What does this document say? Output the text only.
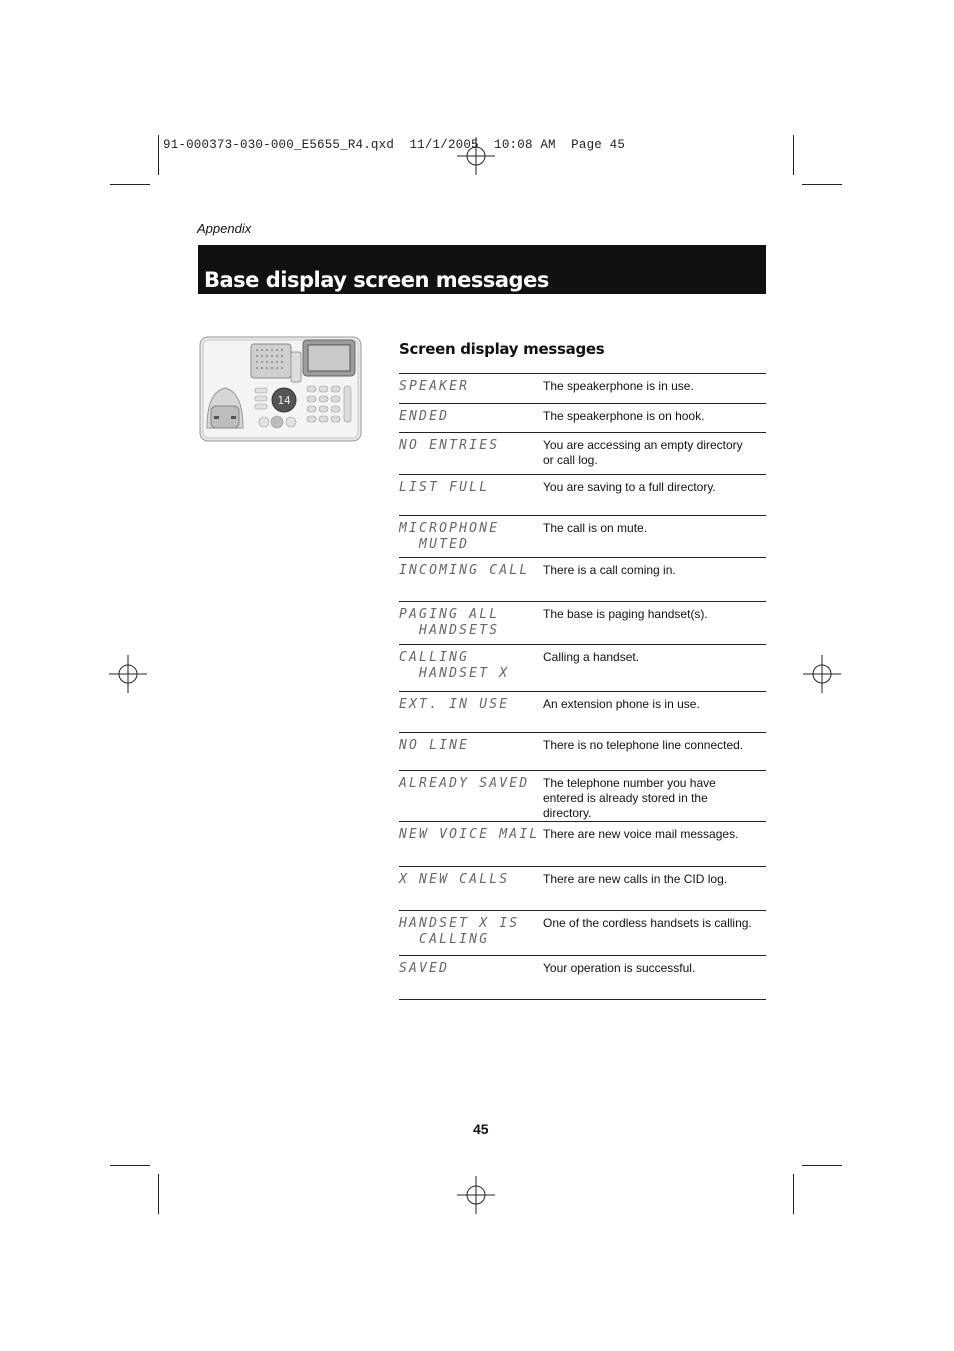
91-000373-030-000_E5655_R4.qxd  11/1/2005  10:08 AM  Page 45
Appendix
Base display screen messages
14
Screen display messages
SPEAKER	The speakerphone is in use.

ENDED	The speakerphone is on hook.

NO ENTRIES	You are accessing an empty directory or call log.

LIST FULL	You are saving to a full directory.

MICROPHONE
MUTED	The call is on mute.

INCOMING CALL	There is a call coming in.

PAGING ALL
HANDSETS	The base is paging handset(s).

CALLING
HANDSET X	Calling a handset.

EXT. IN USE	An extension phone is in use.

NO LINE	There is no telephone line connected.

ALREADY SAVED	The telephone number you have entered is already stored in the directory.

NEW VOICE MAIL	There are new voice mail messages.

X NEW CALLS	There are new calls in the CID log.

HANDSET X IS
CALLING	One of the cordless handsets is calling.

SAVED	Your operation is successful.
45
